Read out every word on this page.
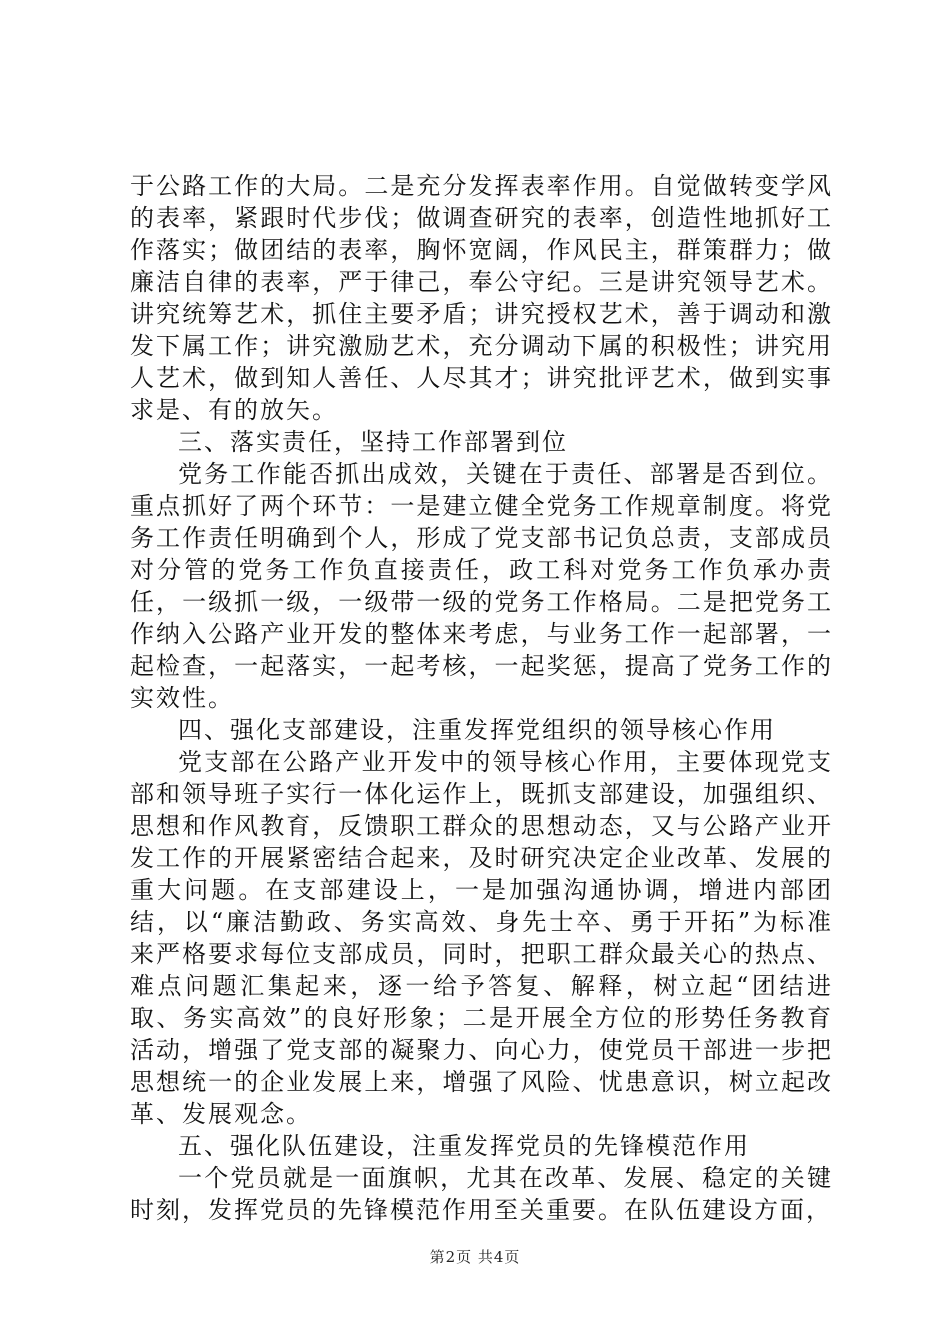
于公路工作的大局。二是充分发挥表率作用。自觉做转变学风的表率，紧跟时代步伐；做调查研究的表率，创造性地抓好工作落实；做团结的表率，胸怀宽阔，作风民主，群策群力；做廉洁自律的表率，严于律己，奉公守纪。三是讲究领导艺术。讲究统筹艺术，抓住主要矛盾；讲究授权艺术，善于调动和激发下属工作；讲究激励艺术，充分调动下属的积极性；讲究用人艺术，做到知人善任、人尽其才；讲究批评艺术，做到实事求是、有的放矢。

三、落实责任，坚持工作部署到位

党务工作能否抓出成效，关键在于责任、部署是否到位。重点抓好了两个环节：一是建立健全党务工作规章制度。将党务工作责任明确到个人，形成了党支部书记负总责，支部成员对分管的党务工作负直接责任，政工科对党务工作负承办责任，一级抓一级，一级带一级的党务工作格局。二是把党务工作纳入公路产业开发的整体来考虑，与业务工作一起部署，一起检查，一起落实，一起考核，一起奖惩，提高了党务工作的实效性。

四、强化支部建设，注重发挥党组织的领导核心作用

党支部在公路产业开发中的领导核心作用，主要体现党支部和领导班子实行一体化运作上，既抓支部建设，加强组织、思想和作风教育，反馈职工群众的思想动态，又与公路产业开发工作的开展紧密结合起来，及时研究决定企业改革、发展的重大问题。在支部建设上，一是加强沟通协调，增进内部团结，以“廉洁勤政、务实高效、身先士卒、勇于开拓”为标准来严格要求每位支部成员，同时，把职工群众最关心的热点、难点问题汇集起来，逐一给予答复、解释，树立起“团结进取、务实高效”的良好形象；二是开展全方位的形势任务教育活动，增强了党支部的凝聚力、向心力，使党员干部进一步把思想统一的企业发展上来，增强了风险、忧患意识，树立起改革、发展观念。

五、强化队伍建设，注重发挥党员的先锋模范作用

一个党员就是一面旗帜，尤其在改革、发展、稳定的关键时刻，发挥党员的先锋模范作用至关重要。在队伍建设方面，

第2页 共4页
